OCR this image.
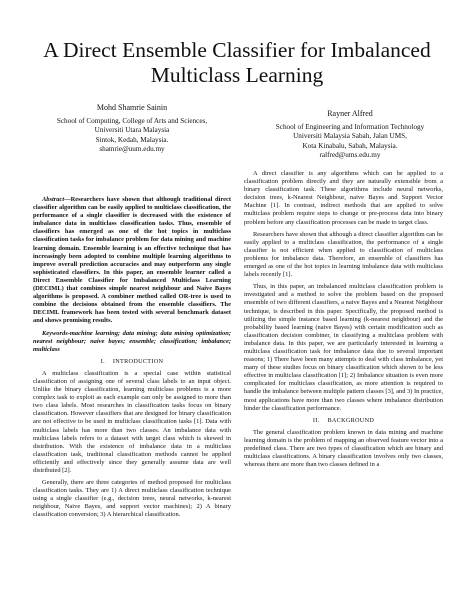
A Direct Ensemble Classifier for Imbalanced Multiclass Learning
Mohd Shamrie Sainin
School of Computing, College of Arts and Sciences,
Universiti Utara Malaysia
Sintok, Kedah, Malaysia.
shamrie@uum.edu.my
Rayner Alfred
School of Engineering and Information Technology
Universiti Malaysia Sabah, Jalan UMS,
Kota Kinabalu, Sabah, Malaysia.
ralfred@ums.edu.my

Abstract—Researchers have shown that although traditional direct classifier algorithm can be easily applied to multiclass classification, the performance of a single classifier is decreased with the existence of imbalance data in multiclass classification tasks. Thus, ensemble of classifiers has emerged as one of the hot topics in multiclass classification tasks for imbalance problem for data mining and machine learning domain. Ensemble learning is an effective technique that has increasingly been adopted to combine multiple learning algorithms to improve overall prediction accuracies and may outperform any single sophisticated classifiers. In this paper, an ensemble learner called a Direct Ensemble Classifier for Imbalanced Multiclass Learning (DECIML) that combines simple nearest neighbour and Naive Bayes algorithms is proposed. A combiner method called OR-tree is used to combine the decisions obtained from the ensemble classifiers. The DECIML framework has been tested with several benchmark dataset and shows promising results.

Keywords-machine learning; data mining; data mining optimization; nearest neighbour; naive bayes; ensemble; classification; imbalance; multiclass

I. INTRODUCTION

A multiclass classification is a special case within statistical classification of assigning one of several class labels to an input object. Unlike the binary classification, learning multiclass problems is a more complex task to exploit as each example can only be assigned to more than two class labels. Most researches in classification tasks focus on binary classification. However classifiers that are designed for binary classification are not effective to be used in multiclass classification tasks [1]. Data with multiclass labels has more than two classes. An imbalance data with multiclass labels refers to a dataset with target class which is skewed in distribution. With the existence of imbalance data in a multiclass classification task, traditional classification methods cannot be applied efficiently and effectively since they generally assume data are well distributed [2].

Generally, there are three categories of method proposed for multiclass classification tasks. They are 1) A direct multiclass classification technique using a single classifier (e.g., decision trees, neural networks, k-nearest neighbour, Naive Bayes, and support vector machines); 2) A binary classification conversion; 3) A hierarchical classification.

A direct classifier is any algorithms which can be applied to a classification problem directly and they are naturally extensible from a binary classification task. These algorithms include neural networks, decision trees, k-Nearest Neighbour, naive Bayes and Support Vector Machine [1]. In contrast, indirect methods that are applied to solve multiclass problem require steps to change or pre-process data into binary problem before any classification processes can be made to target class.

Researchers have shown that although a direct classifier algorithm can be easily applied to a multiclass classification, the performance of a single classifier is not efficient when applied to classification of multiclass problems for imbalance data. Therefore, an ensemble of classifiers has emerged as one of the hot topics in learning imbalance data with multiclass labels recently [1].

Thus, in this paper, an imbalanced multiclass classification problem is investigated and a method to solve the problem based on the proposed ensemble of two different classifiers, a naive Bayes and a Nearest Neighbour technique, is described in this paper. Specifically, the proposed method is utilizing the simple instance based learning (k-nearest neighbour) and the probability based learning (naive Bayes) with certain modification such as classification decision combiner, in classifying a multiclass problem with imbalance data. In this paper, we are particularly interested in learning a multiclass classification task for imbalance data due to several important reasons; 1) There have been many attempts to deal with class imbalance, yet many of these studies focus on binary classification which shown to be less effective in multiclass classification [1]; 2) Imbalance situation is even more complicated for multiclass classification, as more attention is required to handle the imbalance between multiple pattern classes [3], and 3) In practice, most applications have more than two classes where imbalance distribution hinder the classification performance.

II. BACKGROUND

The general classification problem known in data mining and machine learning domain is the problem of mapping an observed feature vector into a predefined class. There are two types of classification which are binary and multiclass classifications. A binary classification involves only two classes, whereas there are more than two classes defined in a
